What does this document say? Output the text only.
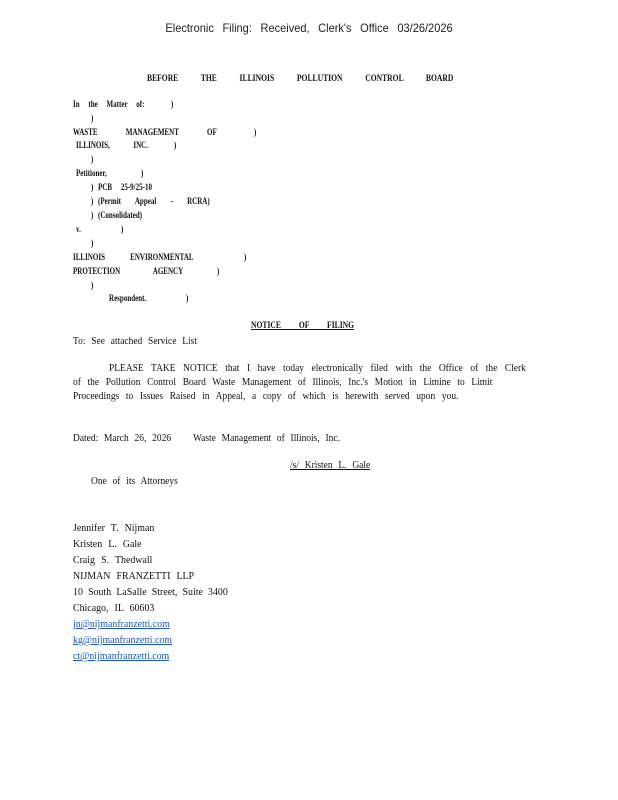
Electronic Filing: Received, Clerk's Office 03/26/2026
BEFORE THE ILLINOIS POLLUTION CONTROL BOARD
In the Matter of:	)
)
WASTE MANAGEMENT OF	)
ILLINOIS, INC.	)
)
Petitioner,	)
) PCB 25-9/25-10
) (Permit Appeal - RCRA)
) (Consolidated)
v.	)
)
ILLINOIS ENVIRONMENTAL	)
PROTECTION AGENCY	)
)
Respondent.	)
NOTICE OF FILING
To: See attached Service List
PLEASE TAKE NOTICE that I have today electronically filed with the Office of the Clerk
of the Pollution Control Board Waste Management of Illinois, Inc.'s Motion in Limine to Limit
Proceedings to Issues Raised in Appeal, a copy of which is herewith served upon you.
Dated: March 26, 2026 Waste Management of Illinois, Inc.
/s/ Kristen L. Gale
One of its Attorneys
Jennifer T. Nijman
Kristen L. Gale
Craig S. Thedwall
NIJMAN FRANZETTI LLP
10 South LaSalle Street, Suite 3400
Chicago, IL 60603
jn@nijmanfranzetti.com
kg@nijmanfranzetti.com
ct@nijmanfranzetti.com
